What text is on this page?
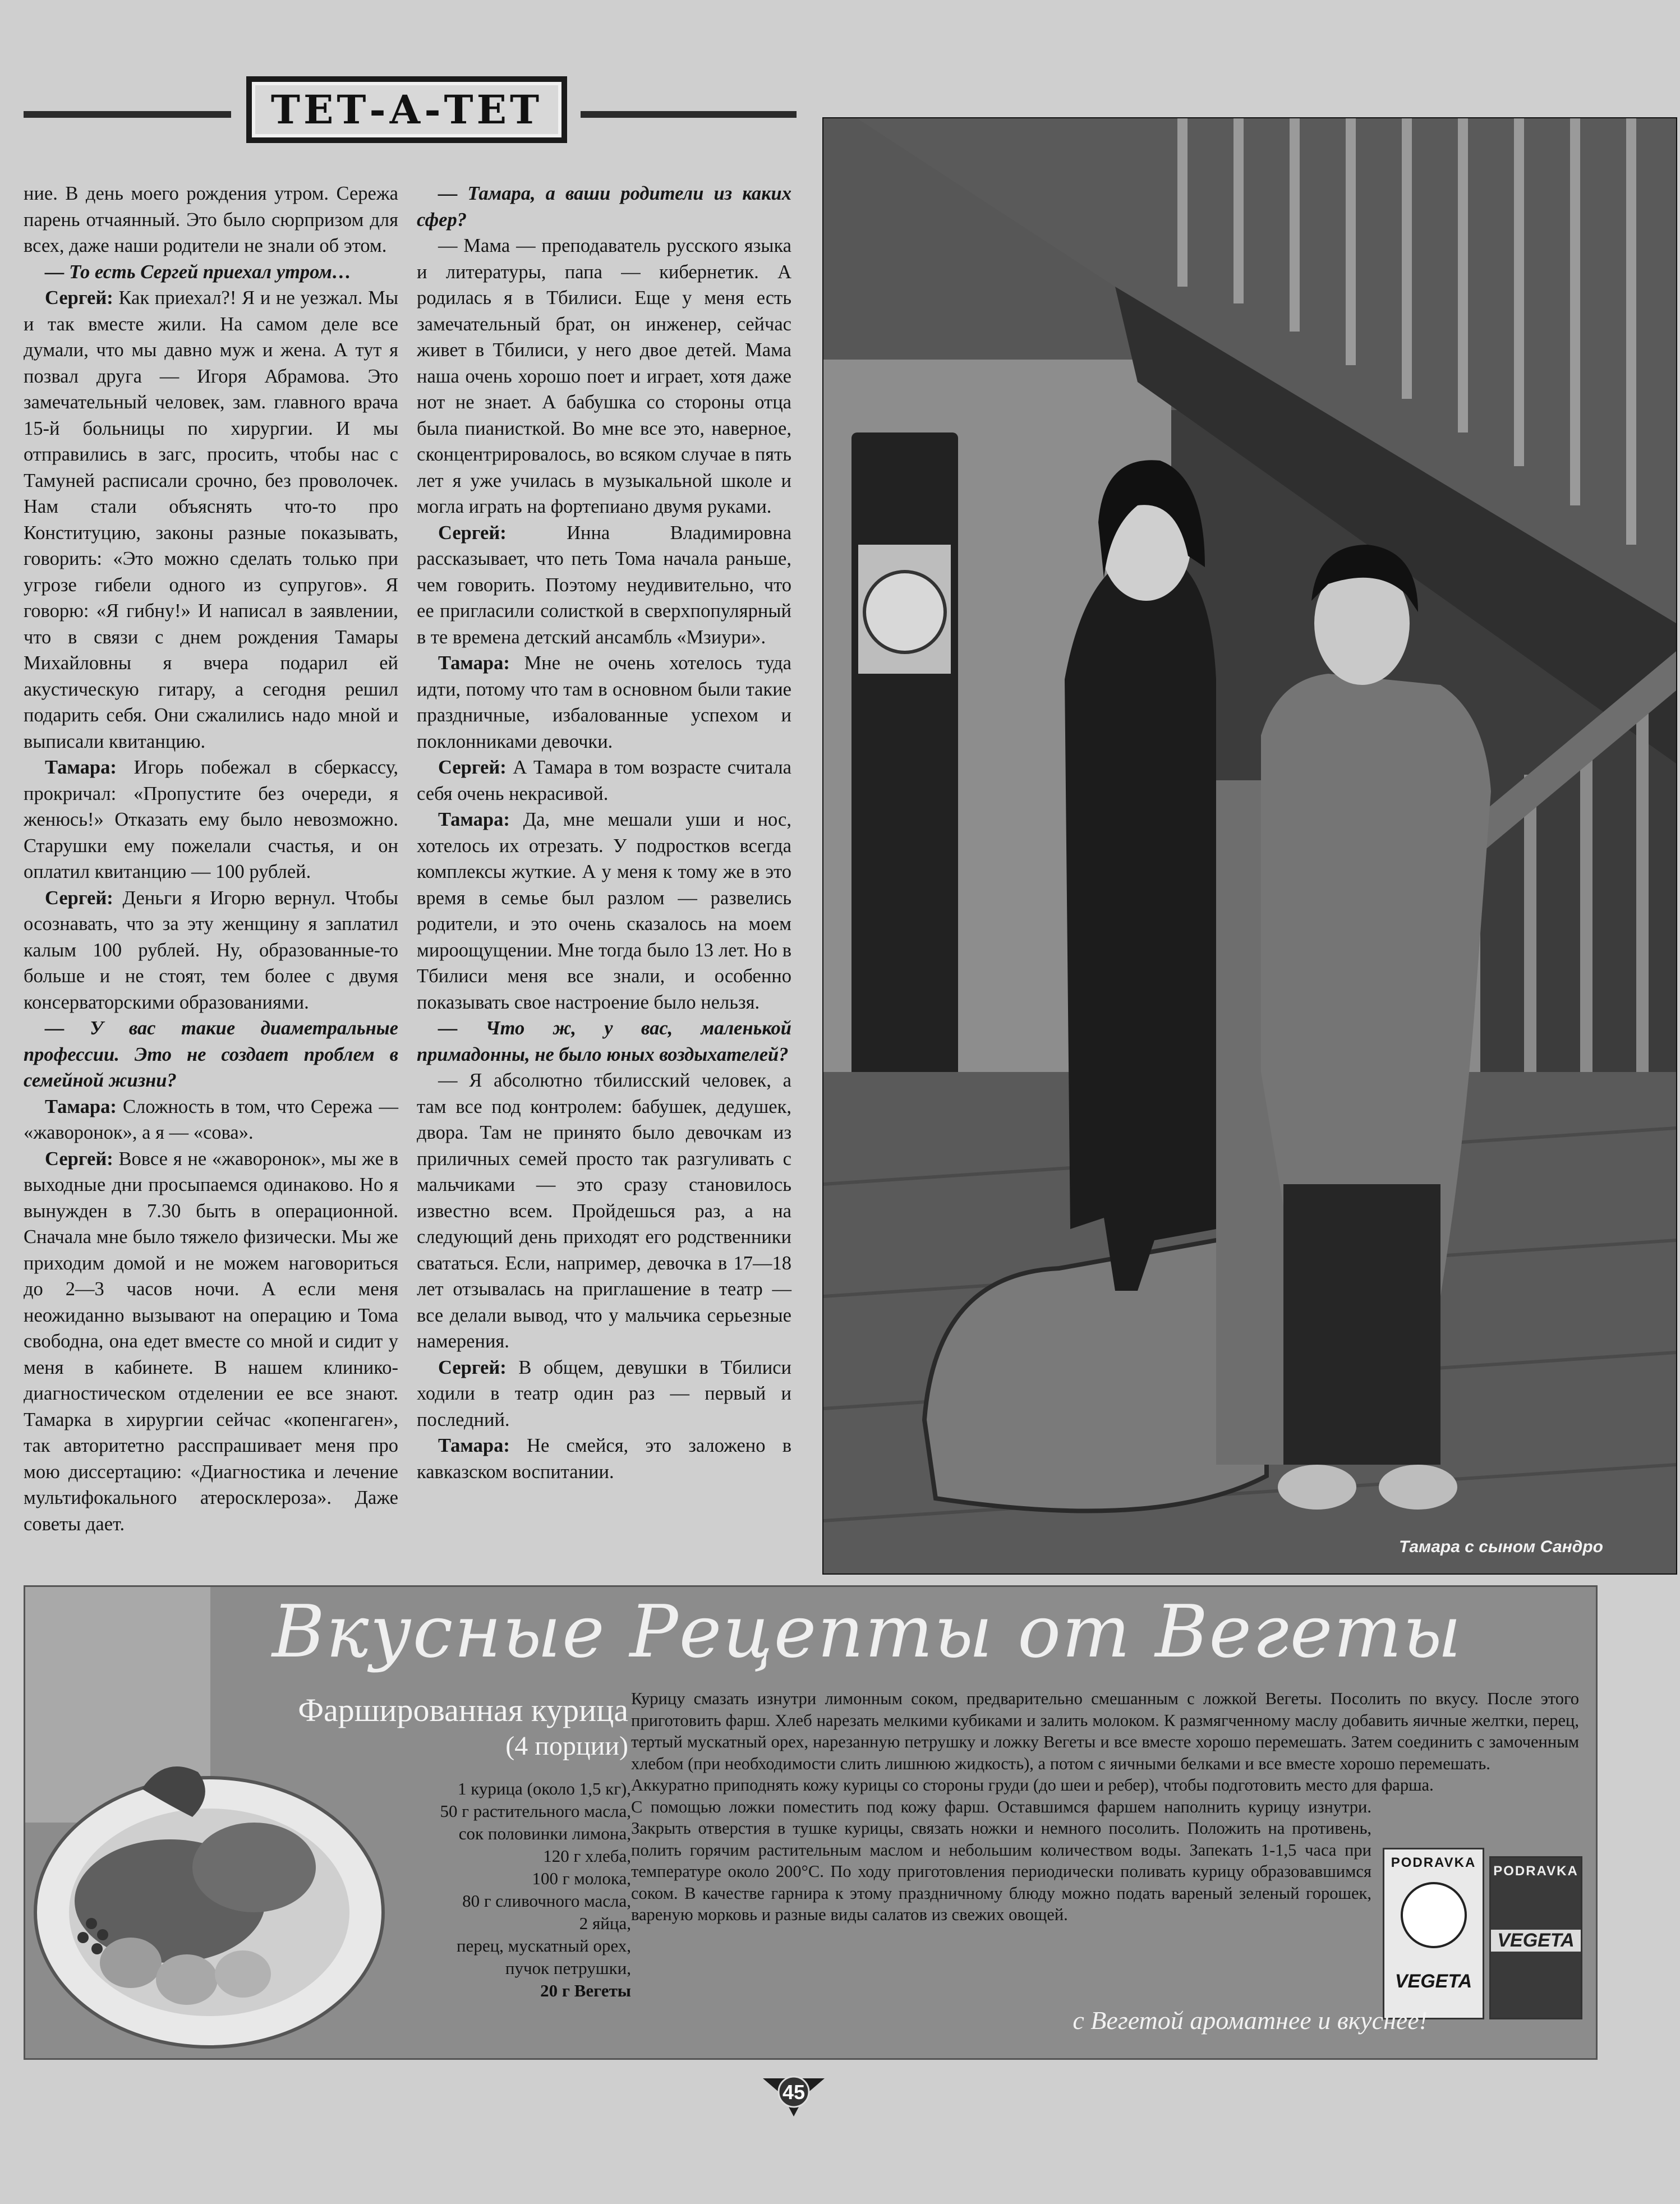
ТЕТ-А-ТЕТ

ние. В день моего рождения утром. Сережа парень отчаянный. Это было сюрпризом для всех, даже наши родители не знали об этом.

— То есть Сергей приехал утром…

Сергей: Как приехал?! Я и не уезжал. Мы и так вместе жили. На самом деле все думали, что мы давно муж и жена. А тут я позвал друга — Игоря Абрамова. Это замечательный человек, зам. главного врача 15-й больницы по хирургии. И мы отправились в загс, просить, чтобы нас с Тамуней расписали срочно, без проволочек. Нам стали объяснять что-то про Конституцию, законы разные показывать, говорить: «Это можно сделать только при угрозе гибели одного из супругов». Я говорю: «Я гибну!» И написал в заявлении, что в связи с днем рождения Тамары Михайловны я вчера подарил ей акустическую гитару, а сегодня решил подарить себя. Они сжалились надо мной и выписали квитанцию.

Тамара: Игорь побежал в сберкассу, прокричал: «Пропустите без очереди, я женюсь!» Отказать ему было невозможно. Старушки ему пожелали счастья, и он оплатил квитанцию — 100 рублей.

Сергей: Деньги я Игорю вернул. Чтобы осознавать, что за эту женщину я заплатил калым 100 рублей. Ну, образованные-то больше и не стоят, тем более с двумя консерваторскими образованиями.

— У вас такие диаметральные профессии. Это не создает проблем в семейной жизни?

Тамара: Сложность в том, что Сережа — «жаворонок», а я — «сова».

Сергей: Вовсе я не «жаворонок», мы же в выходные дни просыпаемся одинаково. Но я вынужден в 7.30 быть в операционной. Сначала мне было тяжело физически. Мы же приходим домой и не можем наговориться до 2—3 часов ночи. А если меня неожиданно вызывают на операцию и Тома свободна, она едет вместе со мной и сидит у меня в кабинете. В нашем клинико-диагностическом отделении ее все знают. Тамарка в хирургии сейчас «копенгаген», так авторитетно расспрашивает меня про мою диссертацию: «Диагностика и лечение мультифокального атеросклероза». Даже советы дает.

— Тамара, а ваши родители из каких сфер?

— Мама — преподаватель русского языка и литературы, папа — кибернетик. А родилась я в Тбилиси. Еще у меня есть замечательный брат, он инженер, сейчас живет в Тбилиси, у него двое детей. Мама наша очень хорошо поет и играет, хотя даже нот не знает. А бабушка со стороны отца была пианисткой. Во мне все это, наверное, сконцентрировалось, во всяком случае в пять лет я уже училась в музыкальной школе и могла играть на фортепиано двумя руками.

Сергей: Инна Владимировна рассказывает, что петь Тома начала раньше, чем говорить. Поэтому неудивительно, что ее пригласили солисткой в сверхпопулярный в те времена детский ансамбль «Мзиури».

Тамара: Мне не очень хотелось туда идти, потому что там в основном были такие праздничные, избалованные успехом и поклонниками девочки.

Сергей: А Тамара в том возрасте считала себя очень некрасивой.

Тамара: Да, мне мешали уши и нос, хотелось их отрезать. У подростков всегда комплексы жуткие. А у меня к тому же в это время в семье был разлом — развелись родители, и это очень сказалось на моем мироощущении. Мне тогда было 13 лет. Но в Тбилиси меня все знали, и особенно показывать свое настроение было нельзя.

— Что ж, у вас, маленькой примадонны, не было юных воздыхателей?

— Я абсолютно тбилисский человек, а там все под контролем: бабушек, дедушек, двора. Там не принято было девочкам из приличных семей просто так разгуливать с мальчиками — это сразу становилось известно всем. Пройдешься раз, а на следующий день приходят его родственники свататься. Если, например, девочка в 17—18 лет отзывалась на приглашение в театр — все делали вывод, что у мальчика серьезные намерения.

Сергей: В общем, девушки в Тбилиси ходили в театр один раз — первый и последний.

Тамара: Не смейся, это заложено в кавказском воспитании.

Тамара с сыном Сандро
Вкусные Рецепты от Вегеты
Фаршированная курица
(4 порции)
1 курица (около 1,5 кг),
50 г растительного масла,
сок половинки лимона,
120 г хлеба,
100 г молока,
80 г сливочного масла,
2 яйца,
перец, мускатный орех,
пучок петрушки,
20 г Вегеты

Курицу смазать изнутри лимонным соком, предварительно смешанным с ложкой Вегеты. Посолить по вкусу. После этого приготовить фарш. Хлеб нарезать мелкими кубиками и залить молоком. К размягченному маслу добавить яичные желтки, перец, тертый мускатный орех, нарезанную петрушку и ложку Вегеты и все вместе хорошо перемешать. Затем соединить с замоченным хлебом (при необходимости слить лишнюю жидкость), а потом с яичными белками и все вместе хорошо перемешать.

Аккуратно приподнять кожу курицы со стороны груди (до шеи и ребер), чтобы подготовить место для фарша.

С помощью ложки поместить под кожу фарш. Оставшимся фаршем наполнить курицу изнутри. Закрыть отверстия в тушке курицы, связать ножки и немного посолить. Положить на противень, полить горячим растительным маслом и небольшим количеством воды. Запекать 1-1,5 часа при температуре около 200°С. По ходу приготовления периодически поливать курицу образовавшимся соком. В качестве гарнира к этому праздничному блюду можно подать вареный зеленый горошек, вареную морковь и разные виды салатов из свежих овощей.

PODRAVKA
VEGETA
PODRAVKA
VEGETA
с Вегетой ароматнее и вкуснее!
45
